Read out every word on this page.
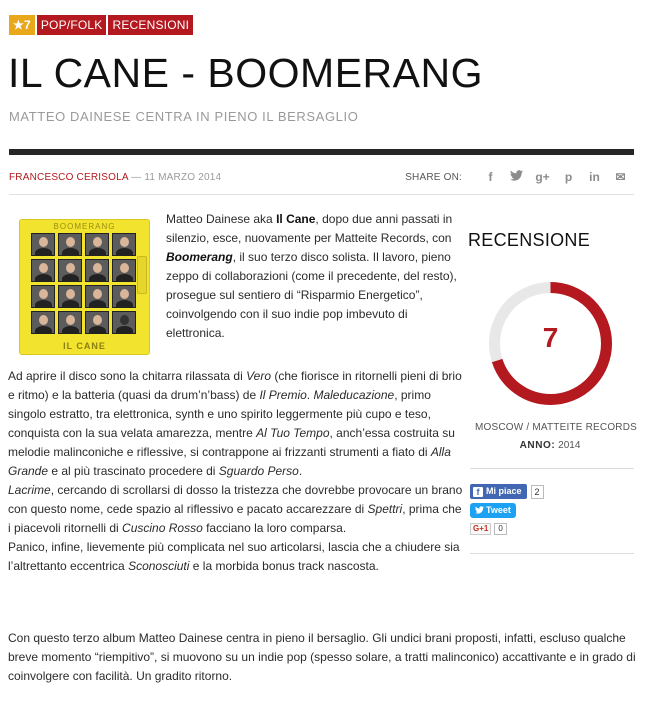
★7 POP/FOLK RECENSIONI
IL CANE - BOOMERANG
MATTEO DAINESE CENTRA IN PIENO IL BERSAGLIO
FRANCESCO CERISOLA — 11 MARZO 2014	SHARE ON:	f	g+	p	in	✉
BOOMERANG
IL CANE

Matteo Dainese aka Il Cane, dopo due anni passati in silenzio, esce, nuovamente per Matteite Records, con Boomerang, il suo terzo disco solista. Il lavoro, pieno zeppo di collaborazioni (come il precedente, del resto), prosegue sul sentiero di “Risparmio Energetico”, coinvolgendo con il suo indie pop imbevuto di elettronica.

Ad aprire il disco sono la chitarra rilassata di Vero (che fiorisce in ritornelli pieni di brio e ritmo) e la batteria (quasi da drum’n’bass) de Il Premio. Maleducazione, primo singolo estratto, tra elettronica, synth e uno spirito leggermente più cupo e teso, conquista con la sua velata amarezza, mentre Al Tuo Tempo, anch’essa costruita su melodie malinconiche e riflessive, si contrappone ai frizzanti strumenti a fiato di Alla Grande e al più trascinato procedere di Sguardo Perso.
Lacrime, cercando di scrollarsi di dosso la tristezza che dovrebbe provocare un brano con questo nome, cede spazio al riflessivo e pacato accarezzare di Spettri, prima che i piacevoli ritornelli di Cuscino Rosso facciano la loro comparsa.
Panico, infine, lievemente più complicata nel suo articolarsi, lascia che a chiudere sia l’altrettanto eccentrica Sconosciuti e la morbida bonus track nascosta.

Con questo terzo album Matteo Dainese centra in pieno il bersaglio. Gli undici brani proposti, infatti, escluso qualche breve momento “riempitivo”, si muovono su un indie pop (spesso solare, a tratti malinconico) accattivante e in grado di coinvolgere con facilità. Un gradito ritorno.

RECENSIONE
7
MOSCOW / MATTEITE RECORDS
ANNO: 2014
f Mi piace	2
Tweet
G+1	0
